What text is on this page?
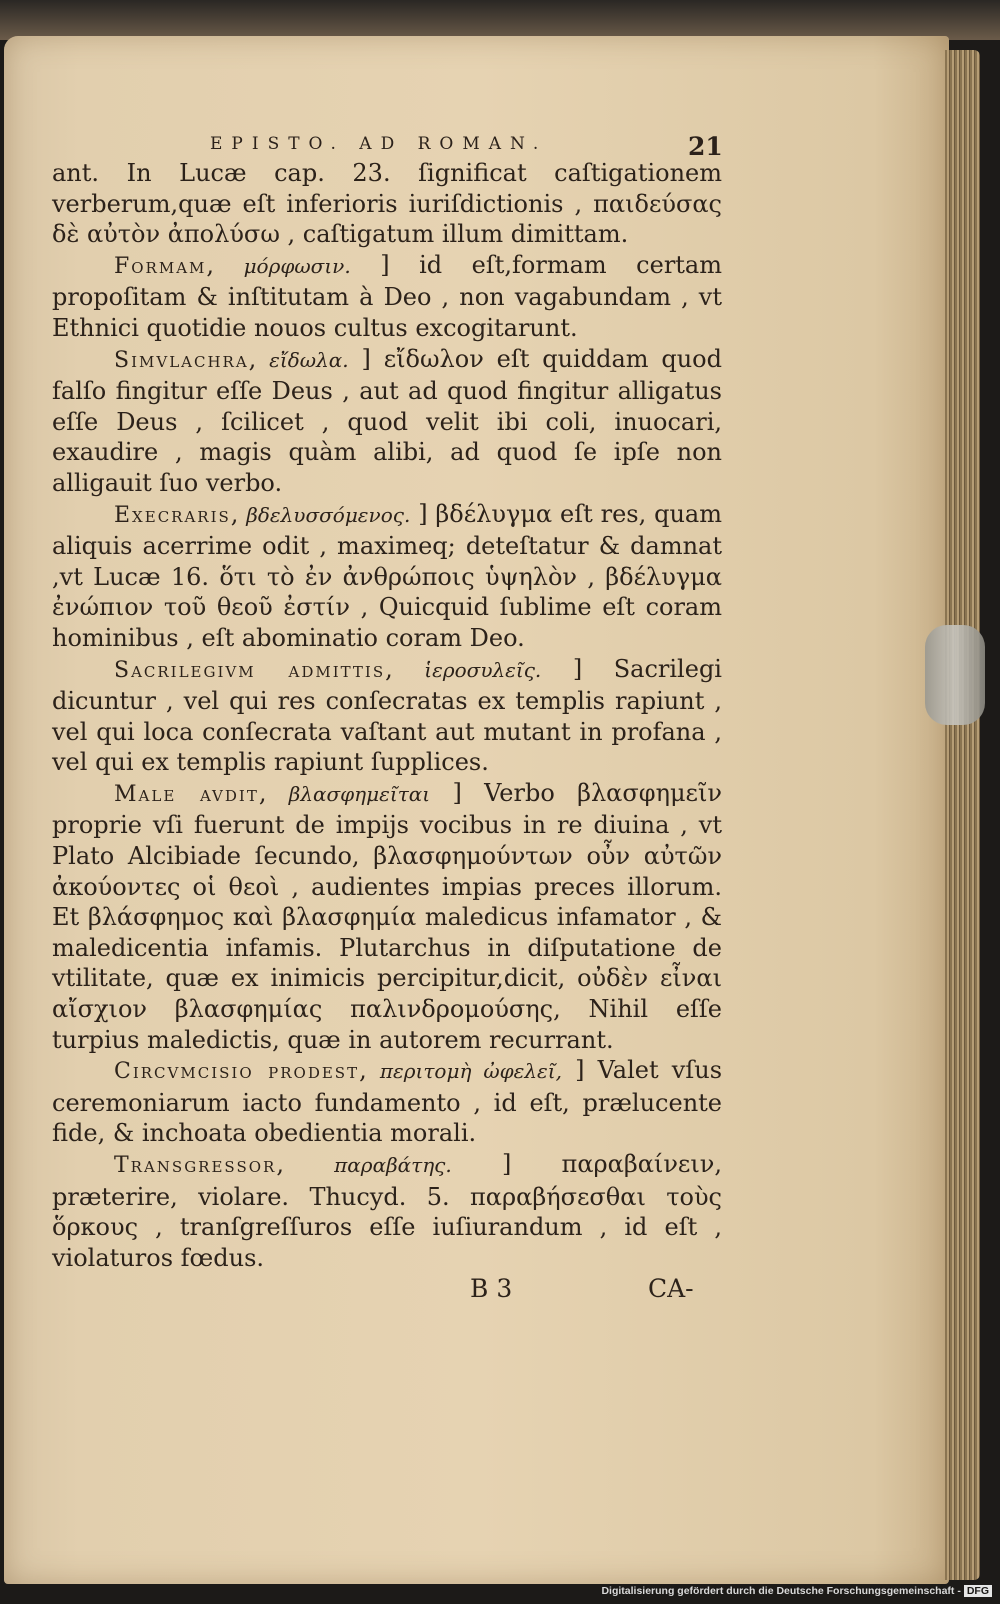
EPISTO. AD ROMAN.	21

ant. In Lucæ cap. 23. ſignificat caſtigationem verberum,quæ eſt inferioris iuriſdictionis , παιδεύσας δὲ αὐτὸν ἀπολύσω , caſtigatum illum dimittam.

Formam, μόρφωσιν. ] id eſt,formam certam propoſitam & inſtitutam à Deo , non vagabundam , vt Ethnici quotidie nouos cultus excogitarunt.

Simvlachra, εἴδωλα. ] εἴδωλον eſt quiddam quod falſo fingitur eſſe Deus , aut ad quod fingitur alligatus eſſe Deus , ſcilicet , quod velit ibi coli, inuocari, exaudire , magis quàm alibi, ad quod ſe ipſe non alligauit ſuo verbo.

Execraris, βδελυσσόμενος. ] βδέλυγμα eſt res, quam aliquis acerrime odit , maximeq; deteſtatur & damnat ,vt Lucæ 16. ὅτι τὸ ἐν ἀνθρώποις ὑψηλὸν , βδέλυγμα ἐνώπιον τοῦ θεοῦ ἐστίν , Quicquid ſublime eſt coram hominibus , eſt abominatio coram Deo.

Sacrilegivm admittis, ἱεροσυλεῖς. ] Sacrilegi dicuntur , vel qui res conſecratas ex templis rapiunt , vel qui loca conſecrata vaſtant aut mutant in profana , vel qui ex templis rapiunt ſupplices.

Male avdit, βλασφημεῖται ] Verbo βλασφημεῖν proprie vſi fuerunt de impijs vocibus in re diuina , vt Plato Alcibiade ſecundo, βλασφημούντων οὖν αὐτῶν ἀκούοντες οἱ θεοὶ , audientes impias preces illorum. Et βλάσφημος καὶ βλασφημία maledicus infamator , & maledicentia infamis. Plutarchus in diſputatione de vtilitate, quæ ex inimicis percipitur,dicit, οὐδὲν εἶναι αἴσχιον βλασφημίας παλινδρομούσης, Nihil eſſe turpius maledictis, quæ in autorem recurrant.

Circvmcisio prodest, περιτομὴ ὠφελεῖ, ] Valet vſus ceremoniarum iacto fundamento , id eſt, prælucente fide, & inchoata obedientia morali.

Transgressor, παραβάτης. ] παραβαίνειν, præterire, violare. Thucyd. 5. παραβήσεσθαι τοὺς ὅρκους , tranſgreſſuros eſſe iuſiurandum , id eſt , violaturos fœdus.

B 3	CA-
Digitalisierung gefördert durch die Deutsche Forschungsgemeinschaft - DFG
